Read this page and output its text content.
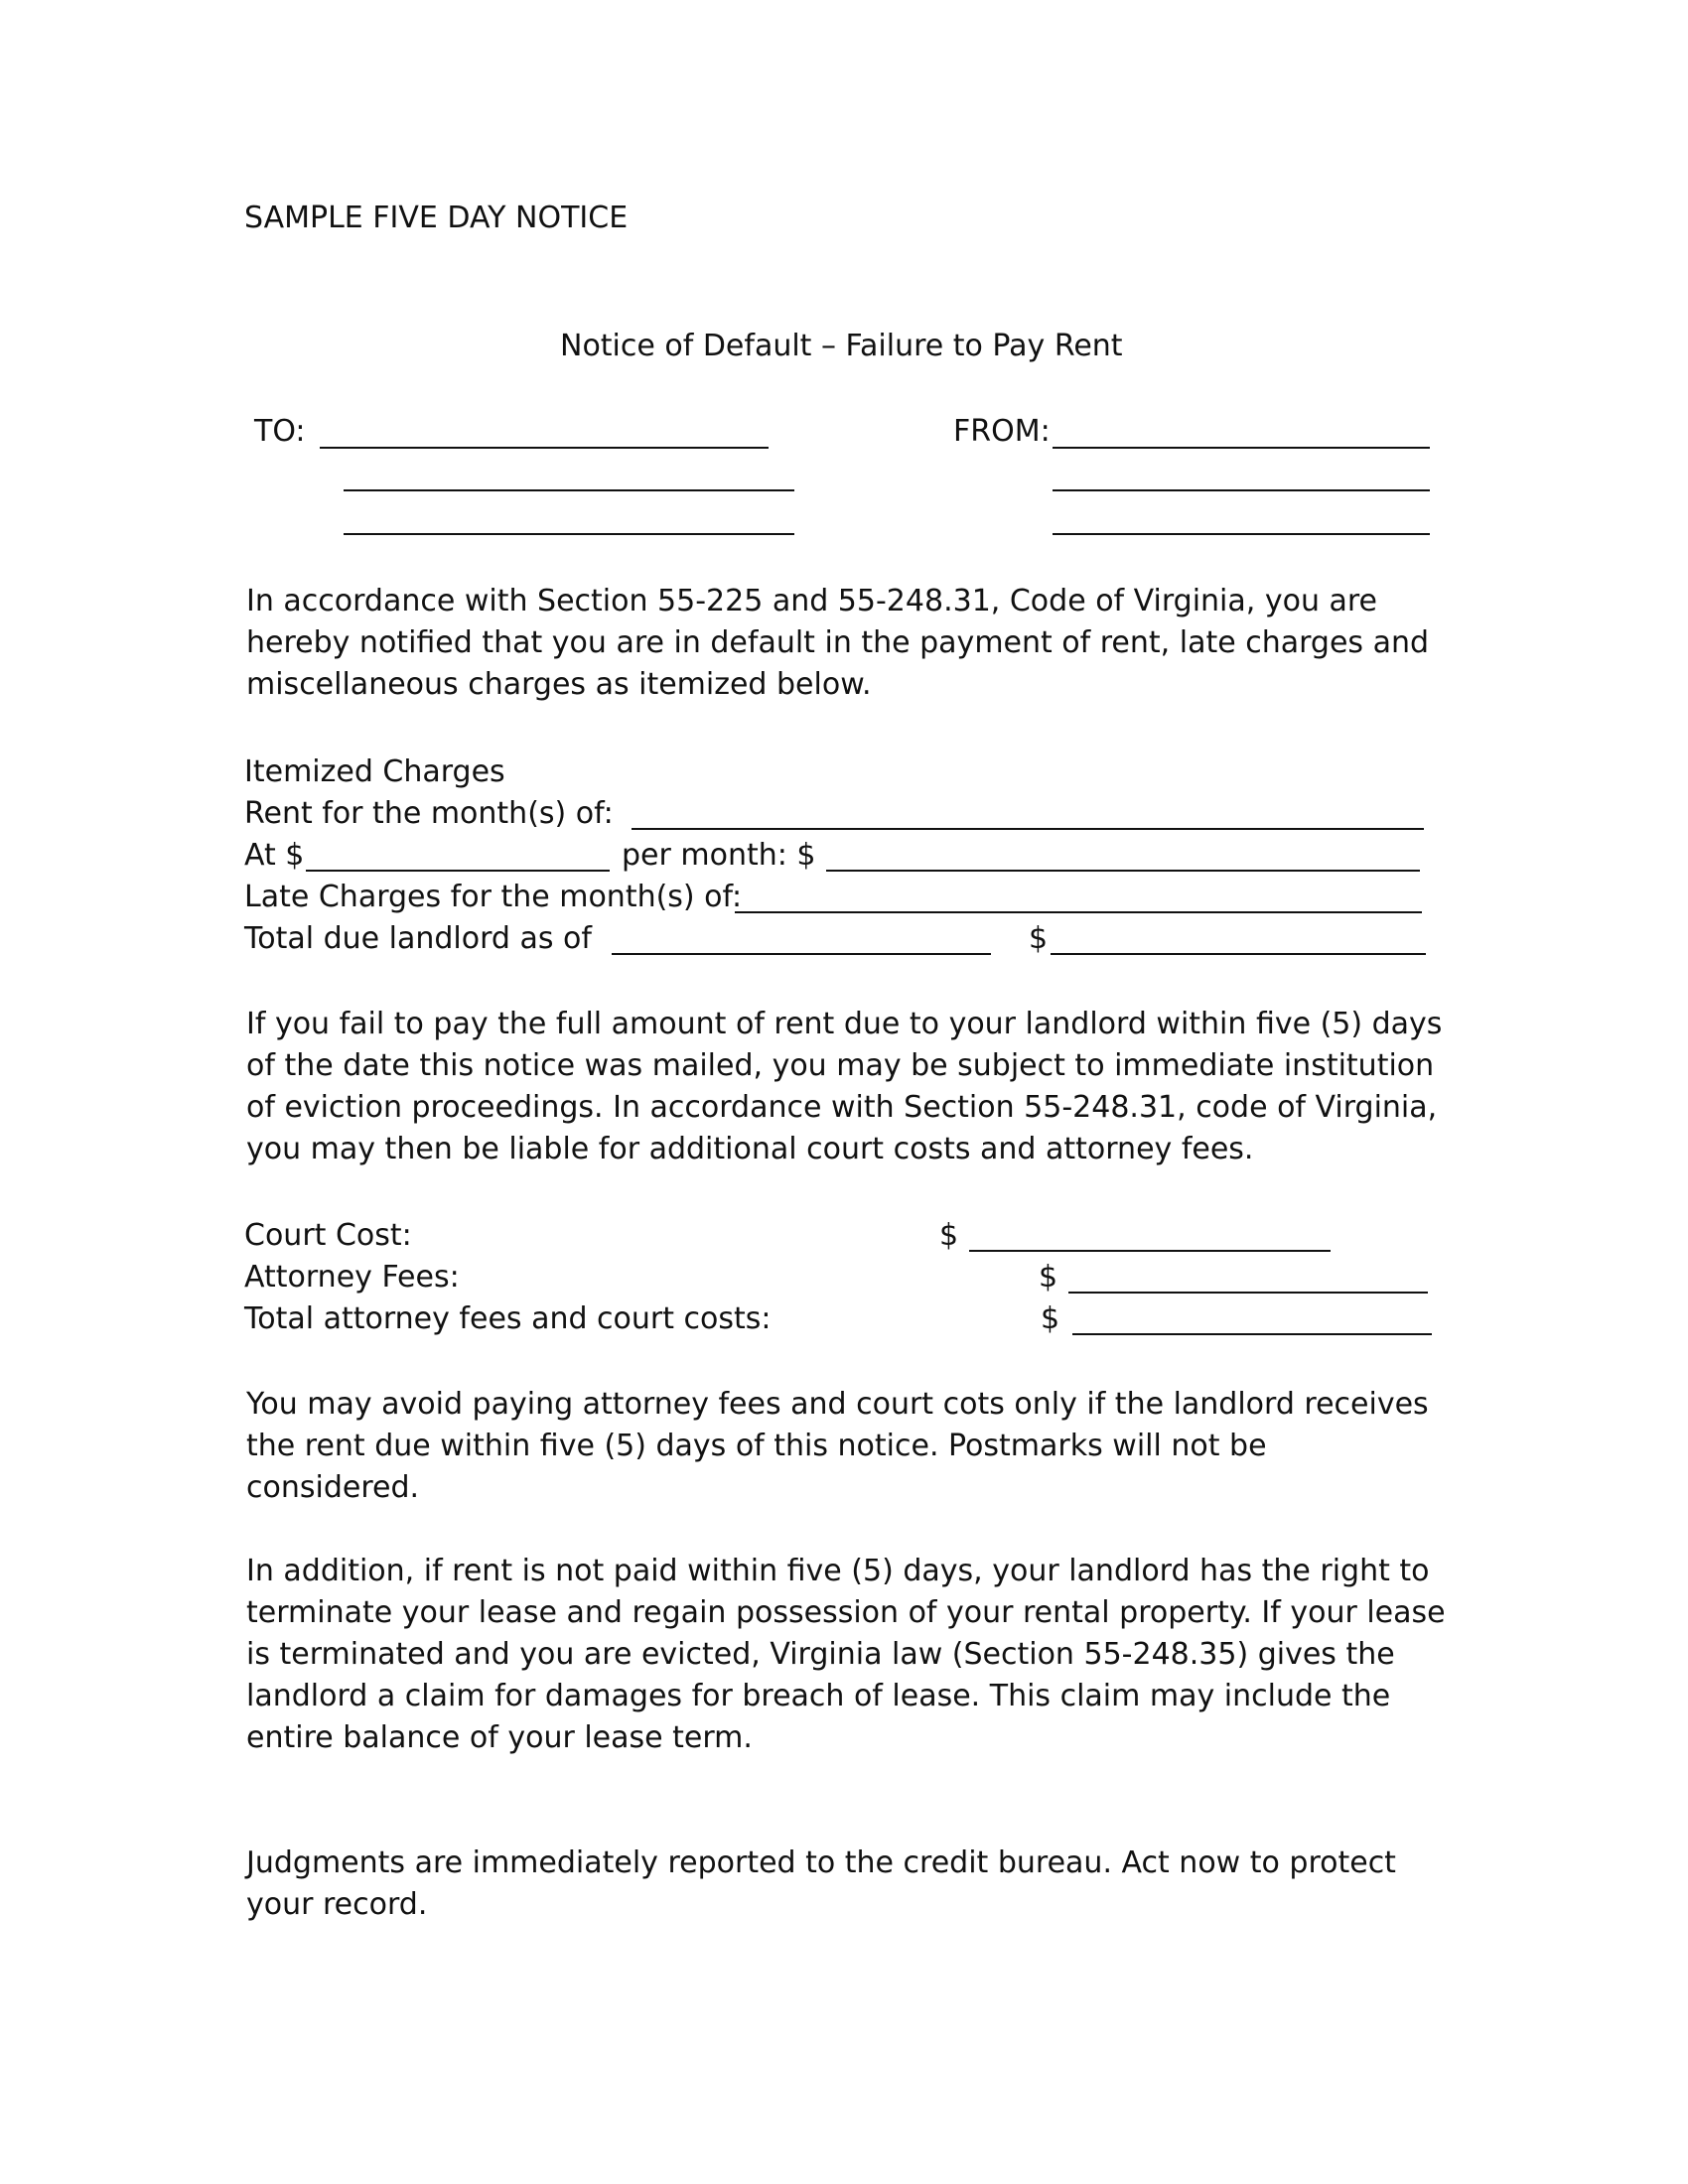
SAMPLE FIVE DAY NOTICE
Notice of Default – Failure to Pay Rent
TO:	FROM:
In accordance with Section 55-225 and 55-248.31, Code of Virginia, you are
hereby notified that you are in default in the payment of rent, late charges and
miscellaneous charges as itemized below.
Itemized Charges
Rent for the month(s) of:
At $	per month: $
Late Charges for the month(s) of:
Total due landlord as of	$
If you fail to pay the full amount of rent due to your landlord within five (5) days
of the date this notice was mailed, you may be subject to immediate institution
of eviction proceedings. In accordance with Section 55-248.31, code of Virginia,
you may then be liable for additional court costs and attorney fees.
Court Cost:	$
Attorney Fees:	$
Total attorney fees and court costs:	$
You may avoid paying attorney fees and court cots only if the landlord receives
the rent due within five (5) days of this notice. Postmarks will not be
considered.
In addition, if rent is not paid within five (5) days, your landlord has the right to
terminate your lease and regain possession of your rental property. If your lease
is terminated and you are evicted, Virginia law (Section 55-248.35) gives the
landlord a claim for damages for breach of lease. This claim may include the
entire balance of your lease term.
Judgments are immediately reported to the credit bureau. Act now to protect
your record.
